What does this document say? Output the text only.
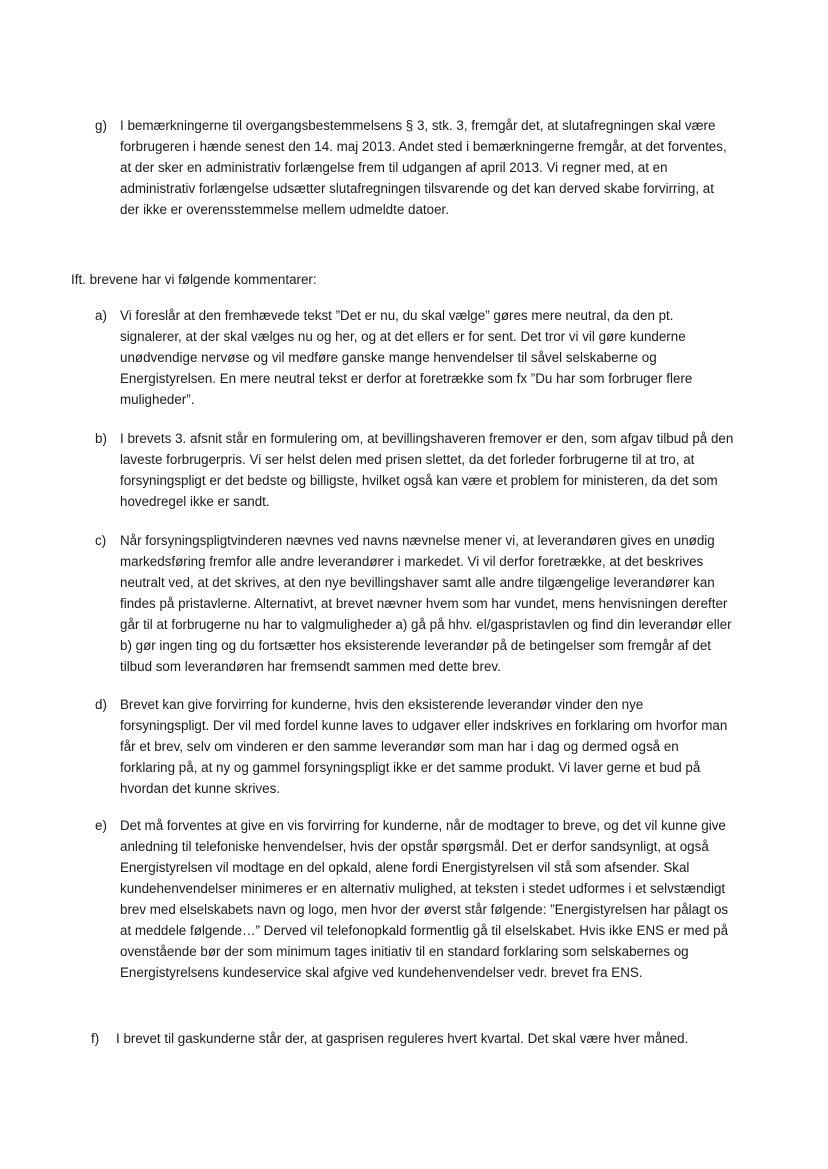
g) I bemærkningerne til overgangsbestemmelsens § 3, stk. 3, fremgår det, at slutafregningen skal være forbrugeren i hænde senest den 14. maj 2013. Andet sted i bemærkningerne fremgår, at det forventes, at der sker en administrativ forlængelse frem til udgangen af april 2013. Vi regner med, at en administrativ forlængelse udsætter slutafregningen tilsvarende og det kan derved skabe forvirring, at der ikke er overensstemmelse mellem udmeldte datoer.

Ift. brevene har vi følgende kommentarer:

a) Vi foreslår at den fremhævede tekst ”Det er nu, du skal vælge” gøres mere neutral, da den pt. signalerer, at der skal vælges nu og her, og at det ellers er for sent. Det tror vi vil gøre kunderne unødvendige nervøse og vil medføre ganske mange henvendelser til såvel selskaberne og Energistyrelsen. En mere neutral tekst er derfor at foretrække som fx ”Du har som forbruger flere muligheder”.

b) I brevets 3. afsnit står en formulering om, at bevillingshaveren fremover er den, som afgav tilbud på den laveste forbrugerpris. Vi ser helst delen med prisen slettet, da det forleder forbrugerne til at tro, at forsyningspligt er det bedste og billigste, hvilket også kan være et problem for ministeren, da det som hovedregel ikke er sandt.

c) Når forsyningspligtvinderen nævnes ved navns nævnelse mener vi, at leverandøren gives en unødig markedsføring fremfor alle andre leverandører i markedet. Vi vil derfor foretrække, at det beskrives neutralt ved, at det skrives, at den nye bevillingshaver samt alle andre tilgængelige leverandører kan findes på pristavlerne. Alternativt, at brevet nævner hvem som har vundet, mens henvisningen derefter går til at forbrugerne nu har to valgmuligheder a) gå på hhv. el/gaspristavlen og find din leverandør eller b) gør ingen ting og du fortsætter hos eksisterende leverandør på de betingelser som fremgår af det tilbud som leverandøren har fremsendt sammen med dette brev.

d) Brevet kan give forvirring for kunderne, hvis den eksisterende leverandør vinder den nye forsyningspligt. Der vil med fordel kunne laves to udgaver eller indskrives en forklaring om hvorfor man får et brev, selv om vinderen er den samme leverandør som man har i dag og dermed også en forklaring på, at ny og gammel forsyningspligt ikke er det samme produkt. Vi laver gerne et bud på hvordan det kunne skrives.

e) Det må forventes at give en vis forvirring for kunderne, når de modtager to breve, og det vil kunne give anledning til telefoniske henvendelser, hvis der opstår spørgsmål. Det er derfor sandsynligt, at også Energistyrelsen vil modtage en del opkald, alene fordi Energistyrelsen vil stå som afsender. Skal kundehenvendelser minimeres er en alternativ mulighed, at teksten i stedet udformes i et selvstændigt brev med elselskabets navn og logo, men hvor der øverst står følgende: ”Energistyrelsen har pålagt os at meddele følgende…” Derved vil telefonopkald formentlig gå til elselskabet. Hvis ikke ENS er med på ovenstående bør der som minimum tages initiativ til en standard forklaring som selskabernes og Energistyrelsens kundeservice skal afgive ved kundehenvendelser vedr. brevet fra ENS.

f) I brevet til gaskunderne står der, at gasprisen reguleres hvert kvartal. Det skal være hver måned.
